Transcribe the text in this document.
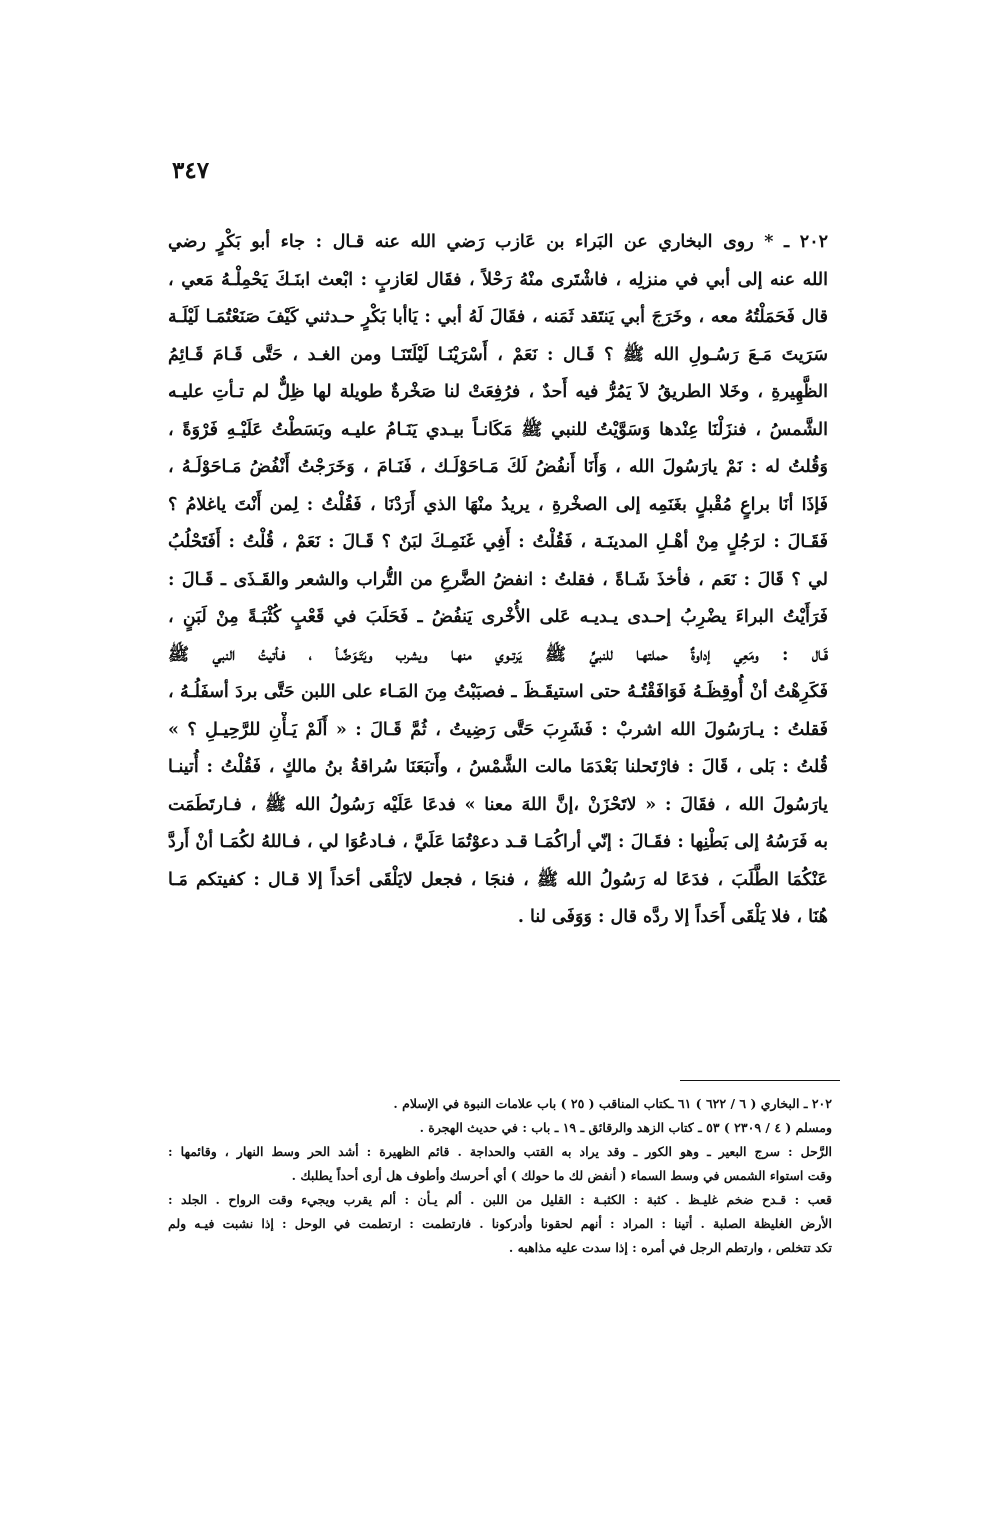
٣٤٧
٢٠٢ ـ * روى البخاري عن البَراء بن عَازب رَضي الله عنه قـال : جاء أبو بَكْرٍ رضي
الله عنه إلى أبي في منزلِه ، فاشْتَرى منْهُ رَحْلاً ، فقَال لعَازبٍ : ابْعث ابنَـكَ يَحْمِلْـهُ مَعي ،
قال فَحَمَلْتُهُ معه ، وخَرَجَ أبي يَنتَقد ثَمَنه ، فقَالَ لَهُ أبي : يَاأبا بَكْرٍ حـدثني كَيْفَ صَنَعْتُمَـا لَيْلَـة
سَرَيتَ مَـعَ رَسُـولِ الله ﷺ ؟ قَـال : نَعَمْ ، أَسْرَيْنَـا لَيْلَتَنَـا ومن الغـد ، حَتَّى قَـامَ قَـائِمُ
الظَّهِيرةِ ، وخَلا الطريقُ لاَ يَمُرُّ فيه أَحدٌ ، فرُفِعَتْ لنا صَخْرةٌ طويلة لها ظِلٌّ لم تـأتِ عليـه
الشَّمسُ ، فنزَلْنَا عِنْدها وَسَوَّيْتُ للنبي ﷺ مَكَانـاً بيـدي يَنَـامُ عليـه وبَسَطْتُ عَلَيْـهِ فَرْوَةً ،
وَقُلتُ له : نَمْ يارَسُولَ الله ، وَأَنَا أَنفُضُ لَكَ مَـاحَوْلَـك ، فَنَـامَ ، وَخَرَجْتُ أَنْفُضُ مَـاحَوْلَـهُ ،
فَإذَا أنَا براعٍ مُقْبلٍ بغَنَمِه إلى الصخْرةِ ، يريدُ منْهَا الذي أَرَدْنَا ، فَقُلْتُ : لِمن أَنْتَ ياغلامُ ؟
فَقَـالَ : لرَجُلٍ مِنْ أهْـلِ المدينَـة ، فَقُلْتُ : أَفِي غَنَمِـكَ لبَنٌ ؟ قَـالَ : نَعَمْ ، قُلْتُ : أَفَتَحْلُبُ
لي ؟ قَالَ : نَعَم ، فأخذَ شَـاةً ، فقلتُ : انفضُ الضَّرعِ من التُّراب والشعر والقَـذَى ـ قَـالَ :
فَرَأَيْتُ البراءَ يضْرِبُ إحـدى يـديـه عَلى الأُخْرى يَنفُضُ ـ فَحَلَبَ في قَعْبٍ كُثْبَـةً مِنْ لَبَنٍ ،
قَـال : ومَعِي إداوةٌ حملتهـا للنبيِّ ﷺ يَرتـوي منهـا ويشرب ويَتَـوَضَّـأ ، فـأتيتُ النبي ﷺ
فَكَرِهْتُ أنْ أُوقِظَـهُ فَوَافَقْتُـهُ حتى استيقَـظَ ـ فصبَبْتُ مِنَ المَـاء على اللبن حَتَّى بردَ أسفَلُـهُ ،
فَقلتُ : يـارَسُولَ الله اشربْ : فَشَرِبَ حَتَّى رَضِيتُ ، ثُمَّ قَـالَ : « أَلَمْ يَـأْنِ للرَّحِيـلِ ؟ »
قُلتُ : بَلى ، قَالَ : فارْتَحلنا بَعْدَمَا مالت الشَّمْسُ ، وأَتبَعَنَا سُراقةُ بنُ مالكٍ ، فَقُلْتُ : أُتينـا
يارَسُولَ الله ، فقَالَ : « لاتَحْزَنْ ،إنَّ اللهَ معنا » فدعَا عَلَيْه رَسُولُ الله ﷺ ، فـارتَطَمَت
به فَرَسُهُ إلى بَطْنِها : فقَـالَ : إنّي أراكُمَـا قـد دعوْتُمَا عَلَيَّ ، فـادعُوَا لي ، فـاللهُ لكُمَـا أنْ أَردَّ
عَنْكُمَا الطَّلَبَ ، فدَعَا له رَسُولُ الله ﷺ ، فنجَا ، فجعل لايَلْقَى أحَداً إلا قـال : كفيتكم مَـا
هُنَا ، فلا يَلْقَى أَحَداً إلا ردَّه قال : وَوَفَى لنا .
٢٠٢ ـ البخاري ( ٦ / ٦٢٢ ) ٦١ ـكتاب المناقب ( ٢٥ ) باب علامات النبوة في الإسلام .
ومسلم ( ٤ / ٢٣٠٩ ) ٥٣ ـ كتاب الزهد والرقائق ـ ١٩ ـ باب : في حديث الهجرة .
الرَّحل : سرج البعير ـ وهو الكور ـ وقد يراد به القتب والحداجة . قائم الظهيرة : أشد الحر وسط النهار ، وقائمها :
وقت استواء الشمس في وسط السماء ( أنفض لك ما حولك ) أي أحرسك وأطوف هل أرى أحداً يطلبك .
قعب : قـدح ضخم غليـظ . كثبة : الكثبـة : القليل من اللبن . ألم يـأن : ألم يقرب ويجيء وقت الرواح . الجلد :
الأرض الغليظة الصلبة . أتينا : المراد : أنهم لحقونا وأدركونا . فارتطمت : ارتطمت في الوحل : إذا نشبت فيـه ولم
تكد تتخلص ، وارتطم الرجل في أمره : إذا سدت عليه مذاهبه .
